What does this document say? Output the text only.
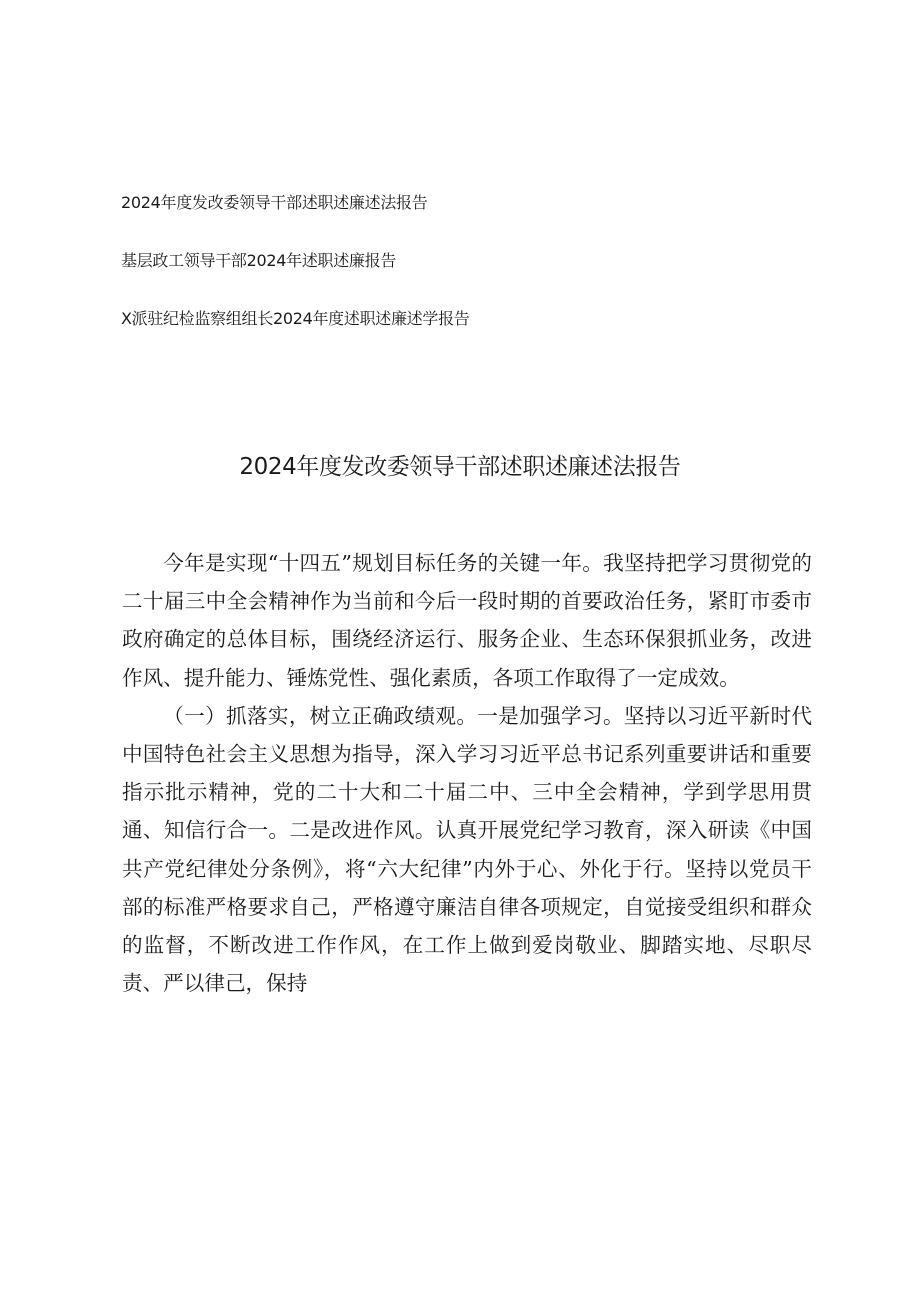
2024年度发改委领导干部述职述廉述法报告
基层政工领导干部2024年述职述廉报告
X派驻纪检监察组组长2024年度述职述廉述学报告
2024年度发改委领导干部述职述廉述法报告

今年是实现“十四五”规划目标任务的关键一年。我坚持把学习贯彻党的二十届三中全会精神作为当前和今后一段时期的首要政治任务，紧盯市委市政府确定的总体目标，围绕经济运行、服务企业、生态环保狠抓业务，改进作风、提升能力、锤炼党性、强化素质，各项工作取得了一定成效。

（一）抓落实，树立正确政绩观。一是加强学习。坚持以习近平新时代中国特色社会主义思想为指导，深入学习习近平总书记系列重要讲话和重要指示批示精神，党的二十大和二十届二中、三中全会精神，学到学思用贯通、知信行合一。二是改进作风。认真开展党纪学习教育，深入研读《中国共产党纪律处分条例》，将“六大纪律”内外于心、外化于行。坚持以党员干部的标准严格要求自己，严格遵守廉洁自律各项规定，自觉接受组织和群众的监督，不断改进工作作风，在工作上做到爱岗敬业、脚踏实地、尽职尽责、严以律己，保持
